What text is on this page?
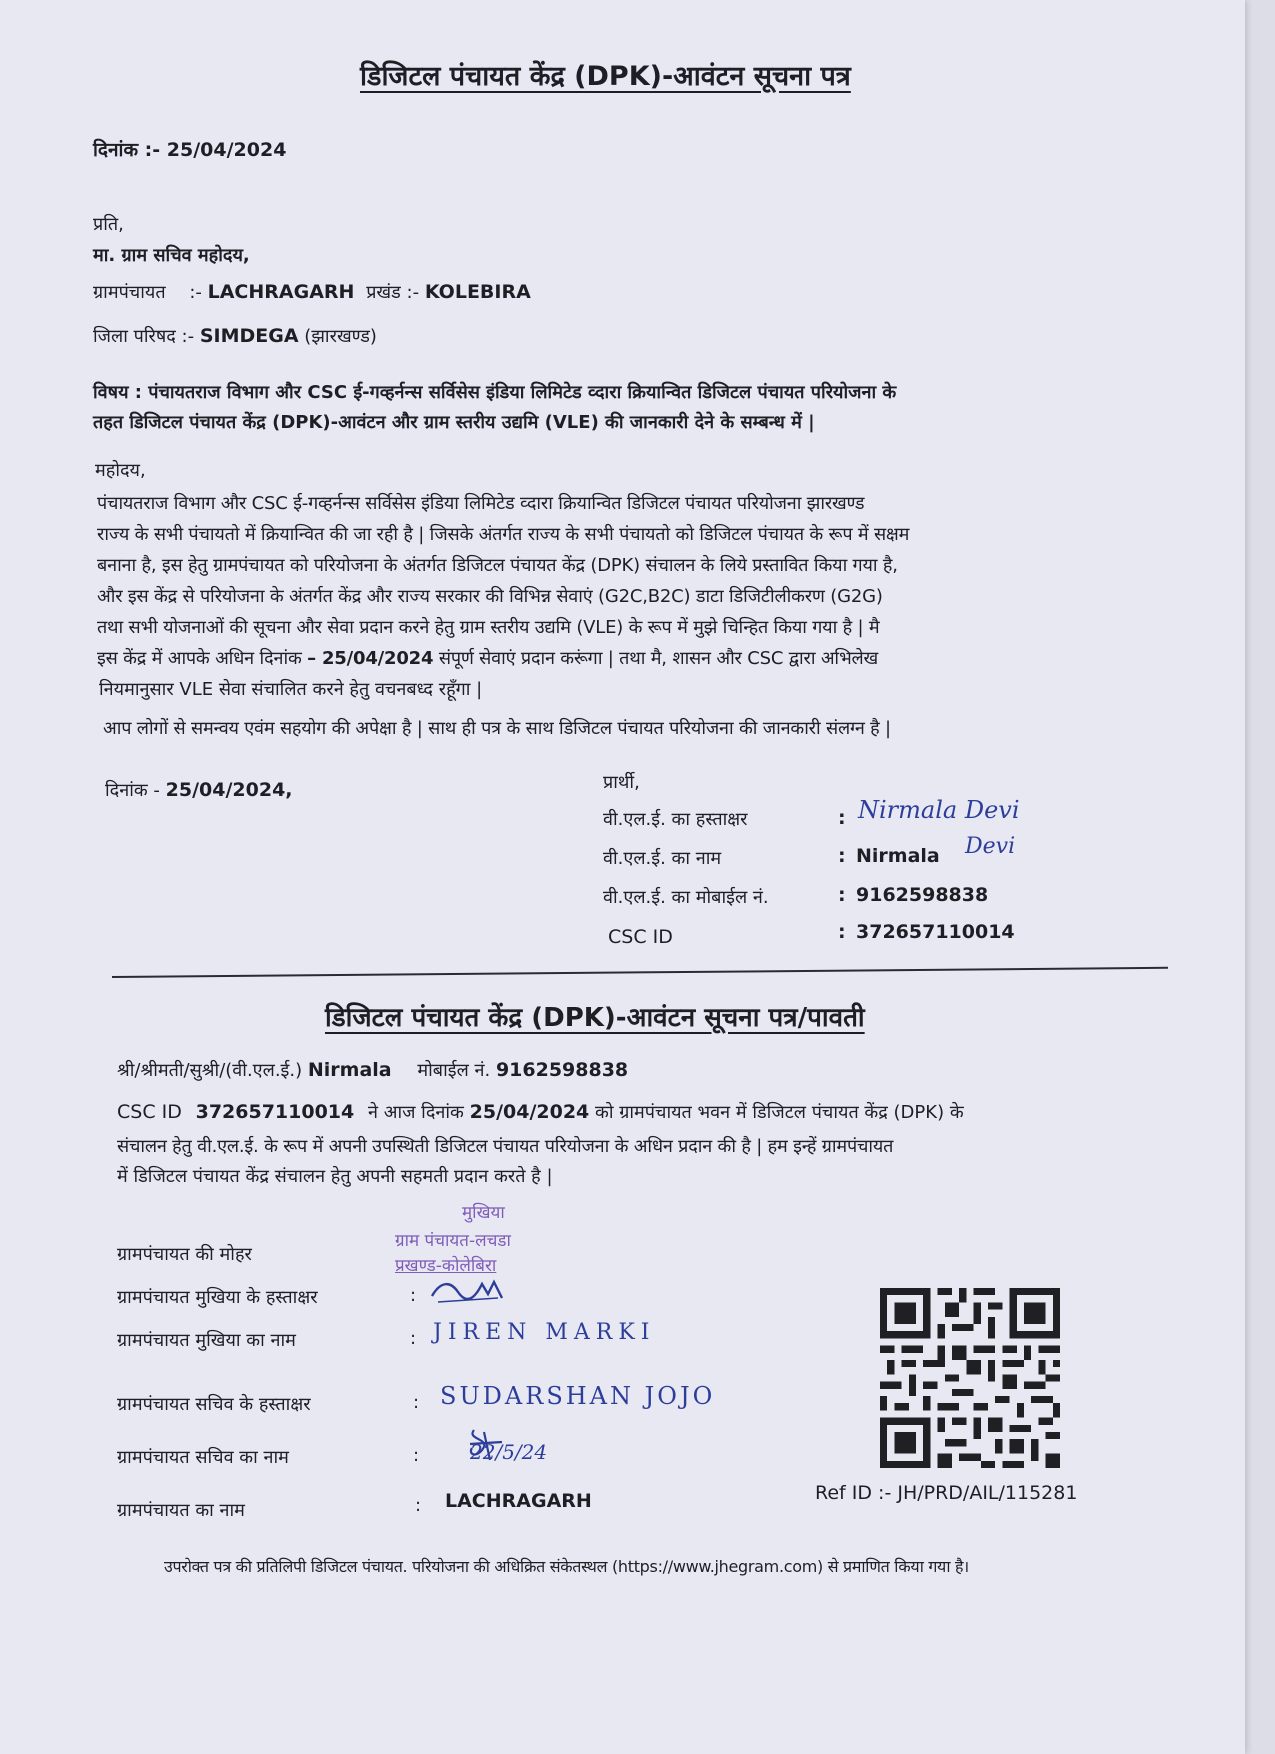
डिजिटल पंचायत केंद्र (DPK)-आवंटन सूचना पत्र
दिनांक :- 25/04/2024
प्रति,
मा. ग्राम सचिव महोदय,
ग्रामपंचायत :- LACHRAGARH प्रखंड :- KOLEBIRA
जिला परिषद :- SIMDEGA (झारखण्ड)
विषय : पंचायतराज विभाग और CSC ई-गव्हर्नन्स सर्विसेस इंडिया लिमिटेड व्दारा क्रियान्वित डिजिटल पंचायत परियोजना के
तहत डिजिटल पंचायत केंद्र (DPK)-आवंटन और ग्राम स्तरीय उद्यमि (VLE) की जानकारी देने के सम्बन्ध में |
महोदय,
पंचायतराज विभाग और CSC ई-गव्हर्नन्स सर्विसेस इंडिया लिमिटेड व्दारा क्रियान्वित डिजिटल पंचायत परियोजना झारखण्ड
राज्य के सभी पंचायतो में क्रियान्वित की जा रही है | जिसके अंतर्गत राज्य के सभी पंचायतो को डिजिटल पंचायत के रूप में सक्षम
बनाना है, इस हेतु ग्रामपंचायत को परियोजना के अंतर्गत डिजिटल पंचायत केंद्र (DPK) संचालन के लिये प्रस्तावित किया गया है,
और इस केंद्र से परियोजना के अंतर्गत केंद्र और राज्य सरकार की विभिन्न सेवाएं (G2C,B2C) डाटा डिजिटीलीकरण (G2G)
तथा सभी योजनाओं की सूचना और सेवा प्रदान करने हेतु ग्राम स्तरीय उद्यमि (VLE) के रूप में मुझे चिन्हित किया गया है | मै
इस केंद्र में आपके अधिन दिनांक – 25/04/2024 संपूर्ण सेवाएं प्रदान करूंगा | तथा मै, शासन और CSC द्वारा अभिलेख
नियमानुसार VLE सेवा संचालित करने हेतु वचनबध्द रहूँगा |
आप लोगों से समन्वय एवंम सहयोग की अपेक्षा है | साथ ही पत्र के साथ डिजिटल पंचायत परियोजना की जानकारी संलग्न है |
दिनांक - 25/04/2024,	प्रार्थी,
वी.एल.ई. का हस्ताक्षर	: Nirmala Devi
वी.एल.ई. का नाम	: Nirmala Devi
वी.एल.ई. का मोबाईल नं.	: 9162598838
CSC ID	: 372657110014
डिजिटल पंचायत केंद्र (DPK)-आवंटन सूचना पत्र/पावती
श्री/श्रीमती/सुश्री/(वी.एल.ई.) Nirmala मोबाईल नं. 9162598838
CSC ID 372657110014 ने आज दिनांक 25/04/2024 को ग्रामपंचायत भवन में डिजिटल पंचायत केंद्र (DPK) के
संचालन हेतु वी.एल.ई. के रूप में अपनी उपस्थिती डिजिटल पंचायत परियोजना के अधिन प्रदान की है | हम इन्हें ग्रामपंचायत
में डिजिटल पंचायत केंद्र संचालन हेतु अपनी सहमती प्रदान करते है |
ग्रामपंचायत की मोहर
ग्रामपंचायत मुखिया के हस्ताक्षर	:
ग्रामपंचायत मुखिया का नाम	: JIREN MARKI
ग्रामपंचायत सचिव के हस्ताक्षर	: SUDARSHAN JOJO
ग्रामपंचायत सचिव का नाम	:	22/5/24
ग्रामपंचायत का नाम	: LACHRAGARH
मुखिया
ग्राम पंचायत-लचडा
प्रखण्ड-कोलेबिरा
Ref ID :- JH/PRD/AIL/115281
उपरोक्त पत्र की प्रतिलिपी डिजिटल पंचायत. परियोजना की अधिक्रित संकेतस्थल (https://www.jhegram.com) से प्रमाणित किया गया है।
